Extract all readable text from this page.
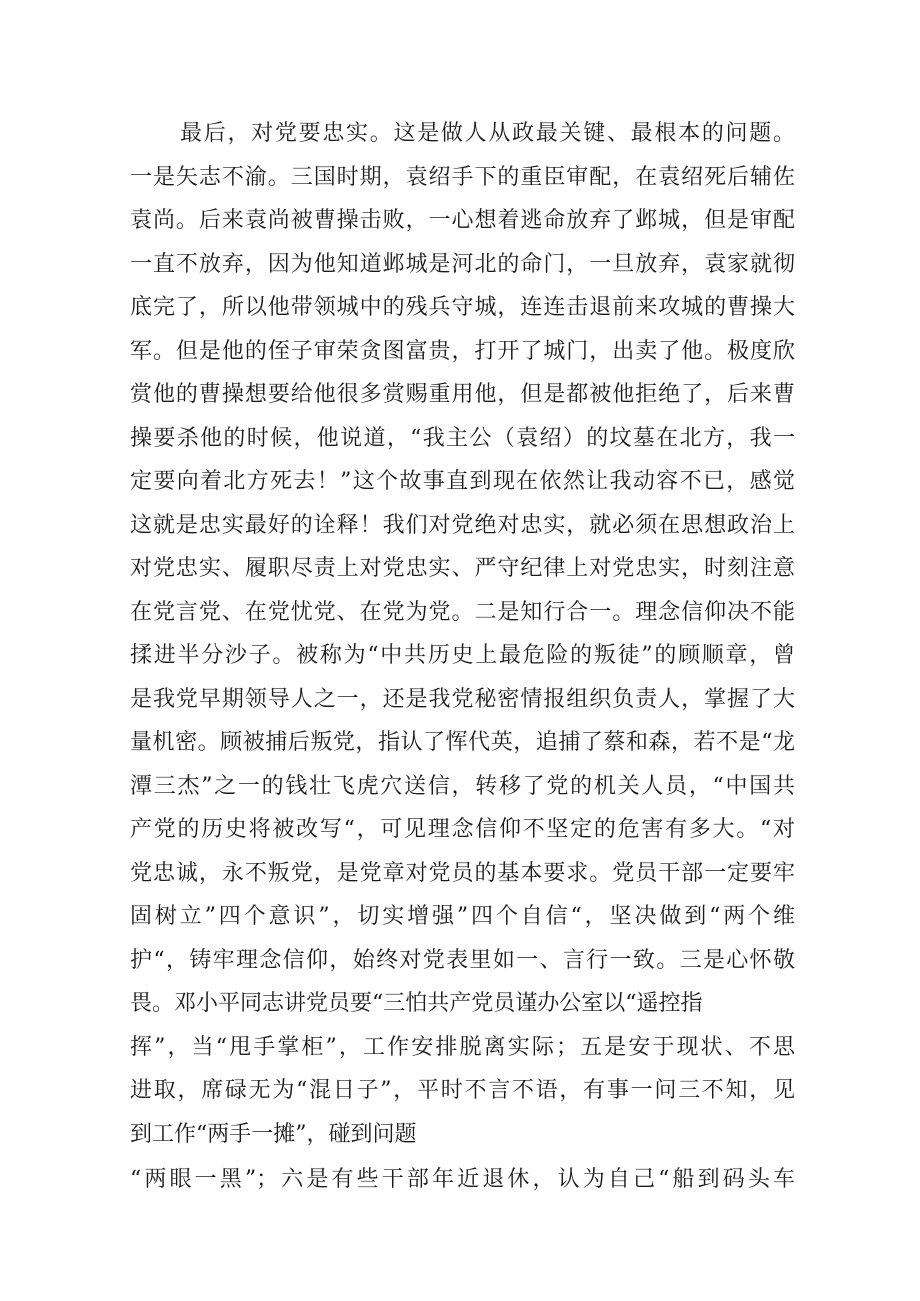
最后，对党要忠实。这是做人从政最关键、最根本的问题。
一是矢志不渝。三国时期，袁绍手下的重臣审配，在袁绍死后辅佐
袁尚。后来袁尚被曹操击败，一心想着逃命放弃了邺城，但是审配
一直不放弃，因为他知道邺城是河北的命门，一旦放弃，袁家就彻
底完了，所以他带领城中的残兵守城，连连击退前来攻城的曹操大
军。但是他的侄子审荣贪图富贵，打开了城门，出卖了他。极度欣
赏他的曹操想要给他很多赏赐重用他，但是都被他拒绝了，后来曹
操要杀他的时候，他说道，“我主公（袁绍）的坟墓在北方，我一
定要向着北方死去！”这个故事直到现在依然让我动容不已，感觉
这就是忠实最好的诠释！我们对党绝对忠实，就必须在思想政治上
对党忠实、履职尽责上对党忠实、严守纪律上对党忠实，时刻注意
在党言党、在党忧党、在党为党。二是知行合一。理念信仰决不能
揉进半分沙子。被称为“中共历史上最危险的叛徒”的顾顺章，曾
是我党早期领导人之一，还是我党秘密情报组织负责人，掌握了大
量机密。顾被捕后叛党，指认了恽代英，追捕了蔡和森，若不是“龙
潭三杰”之一的钱壮飞虎穴送信，转移了党的机关人员，“中国共
产党的历史将被改写“，可见理念信仰不坚定的危害有多大。“对
党忠诚，永不叛党，是党章对党员的基本要求。党员干部一定要牢
固树立”四个意识”，切实增强”四个自信“，坚决做到“两个维
护“，铸牢理念信仰，始终对党表里如一、言行一致。三是心怀敬
畏。邓小平同志讲党员要“三怕共产党员谨办公室以“遥控指
挥”，当“甩手掌柜”，工作安排脱离实际；五是安于现状、不思
进取，席碌无为“混日子”，平时不言不语，有事一问三不知，见
到工作“两手一摊”，碰到问题
“两眼一黑”；六是有些干部年近退休，认为自己“船到码头车
